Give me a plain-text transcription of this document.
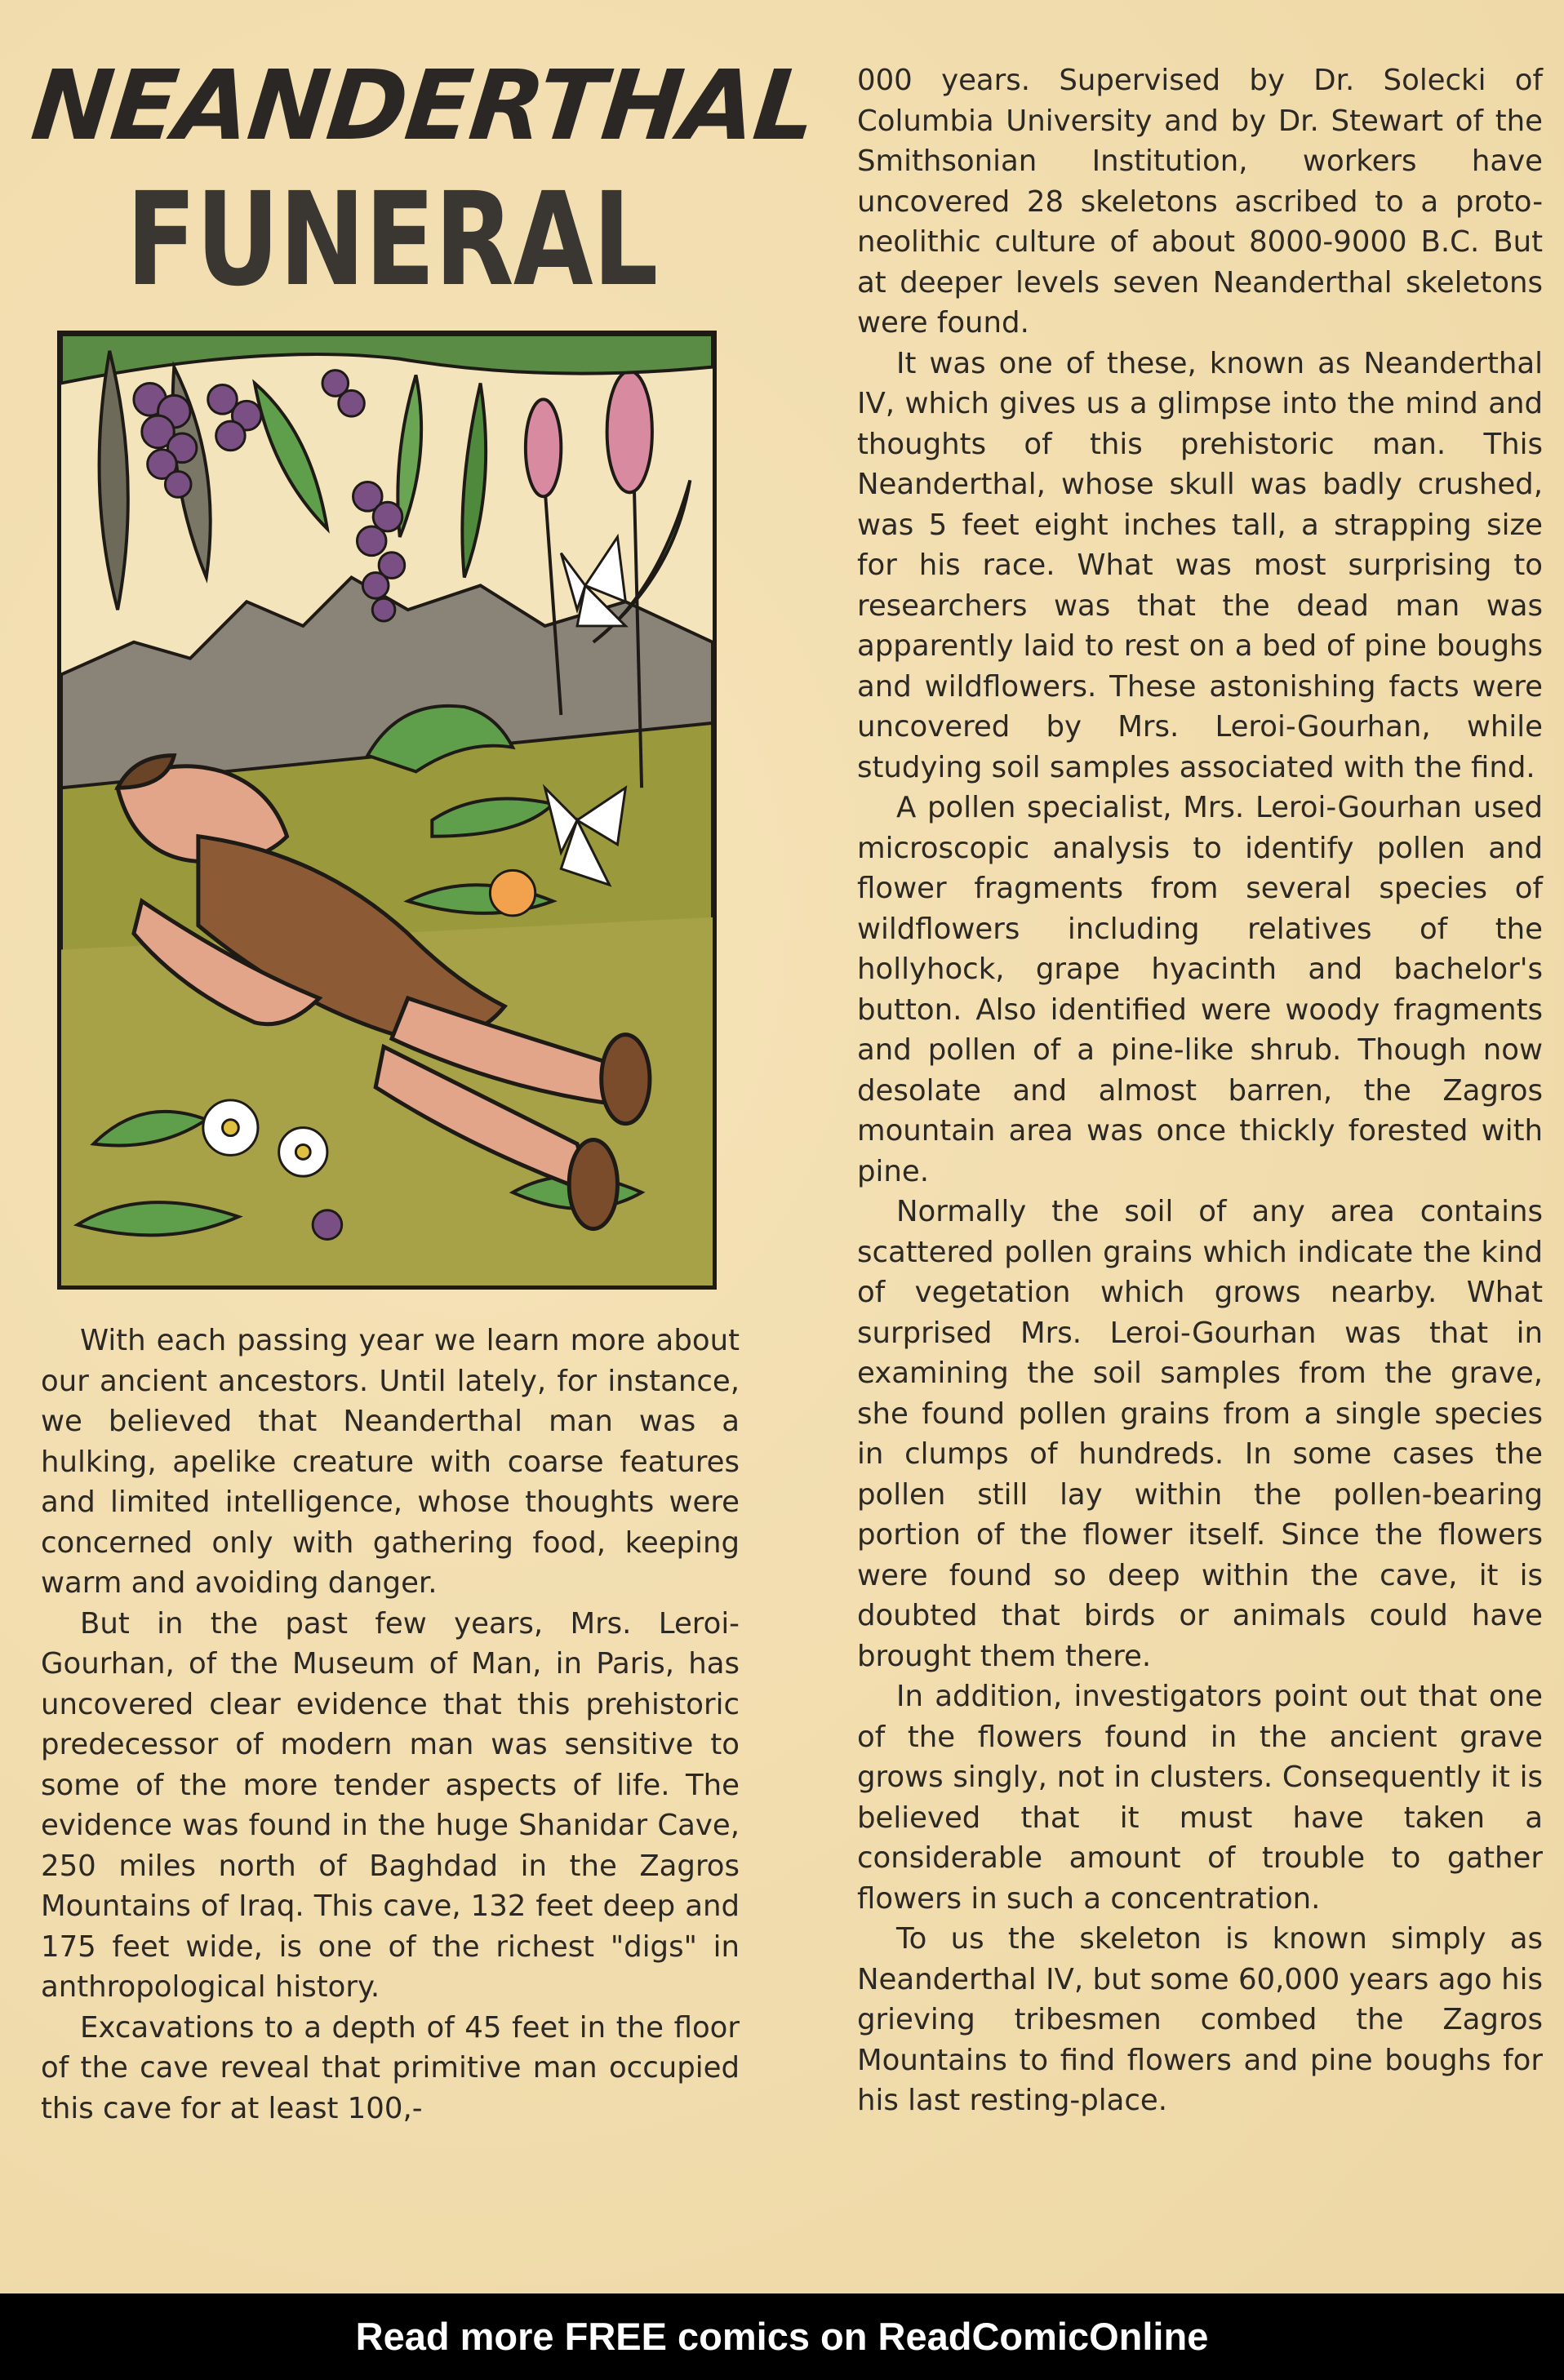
NEANDERTHAL
FUNERAL

With each passing year we learn more about our ancient ancestors. Until lately, for instance, we believed that Neanderthal man was a hulking, apelike creature with coarse features and limited intelligence, whose thoughts were concerned only with gathering food, keeping warm and avoiding danger.

But in the past few years, Mrs. Leroi-Gourhan, of the Museum of Man, in Paris, has uncovered clear evidence that this prehistoric predecessor of modern man was sensitive to some of the more tender aspects of life. The evidence was found in the huge Shanidar Cave, 250 miles north of Baghdad in the Zagros Mountains of Iraq. This cave, 132 feet deep and 175 feet wide, is one of the richest "digs" in anthropological history.

Excavations to a depth of 45 feet in the floor of the cave reveal that primitive man occupied this cave for at least 100,-

000 years. Supervised by Dr. Solecki of Columbia University and by Dr. Stewart of the Smithsonian Institution, workers have uncovered 28 skeletons ascribed to a proto-neolithic culture of about 8000-9000 B.C. But at deeper levels seven Neanderthal skeletons were found.

It was one of these, known as Neanderthal IV, which gives us a glimpse into the mind and thoughts of this prehistoric man. This Neanderthal, whose skull was badly crushed, was 5 feet eight inches tall, a strapping size for his race. What was most surprising to researchers was that the dead man was apparently laid to rest on a bed of pine boughs and wildflowers. These astonishing facts were uncovered by Mrs. Leroi-Gourhan, while studying soil samples associated with the find.

A pollen specialist, Mrs. Leroi-Gourhan used microscopic analysis to identify pollen and flower fragments from several species of wildflowers including relatives of the hollyhock, grape hyacinth and bachelor's button. Also identified were woody fragments and pollen of a pine-like shrub. Though now desolate and almost barren, the Zagros mountain area was once thickly forested with pine.

Normally the soil of any area contains scattered pollen grains which indicate the kind of vegetation which grows nearby. What surprised Mrs. Leroi-Gourhan was that in examining the soil samples from the grave, she found pollen grains from a single species in clumps of hundreds. In some cases the pollen still lay within the pollen-bearing portion of the flower itself. Since the flowers were found so deep within the cave, it is doubted that birds or animals could have brought them there.

In addition, investigators point out that one of the flowers found in the ancient grave grows singly, not in clusters. Consequently it is believed that it must have taken a considerable amount of trouble to gather flowers in such a concentration.

To us the skeleton is known simply as Neanderthal IV, but some 60,000 years ago his grieving tribesmen combed the Zagros Mountains to find flowers and pine boughs for his last resting-place.

Read more FREE comics on ReadComicOnline
